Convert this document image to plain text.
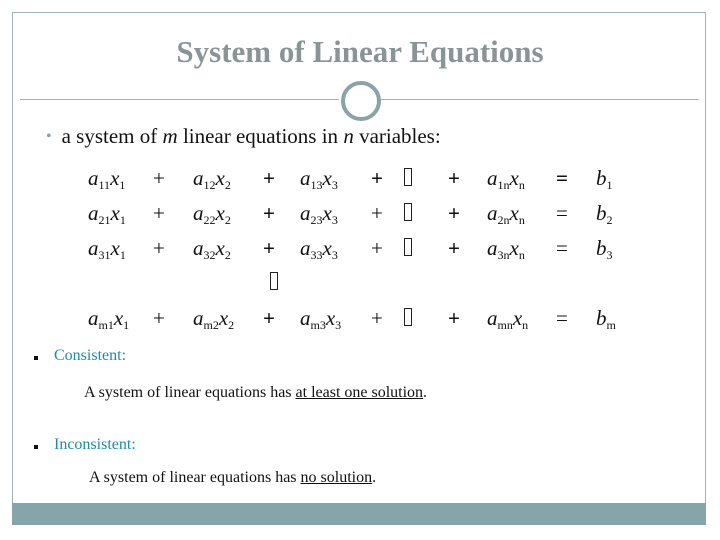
System of Linear Equations
• a system of m linear equations in n variables:
$a_{11}x_1 + a_{12}x_2 + a_{13}x_3$ +	+ $a_{1n}x_n = b_1$
$a_{21}x_1 + a_{22}x_2 + a_{23}x_3$ +	+ $a_{2n}x_n = b_2$
$a_{31}x_1 + a_{32}x_2 + a_{33}x_3$ +	+ $a_{3n}x_n = b_3$
$a_{m1}x_1 + a_{m2}x_2 + a_{m3}x_3$ +	+ $a_{mn}x_n = b_m$
Consistent:
A system of linear equations has at least one solution.
Inconsistent:
A system of linear equations has no solution.
